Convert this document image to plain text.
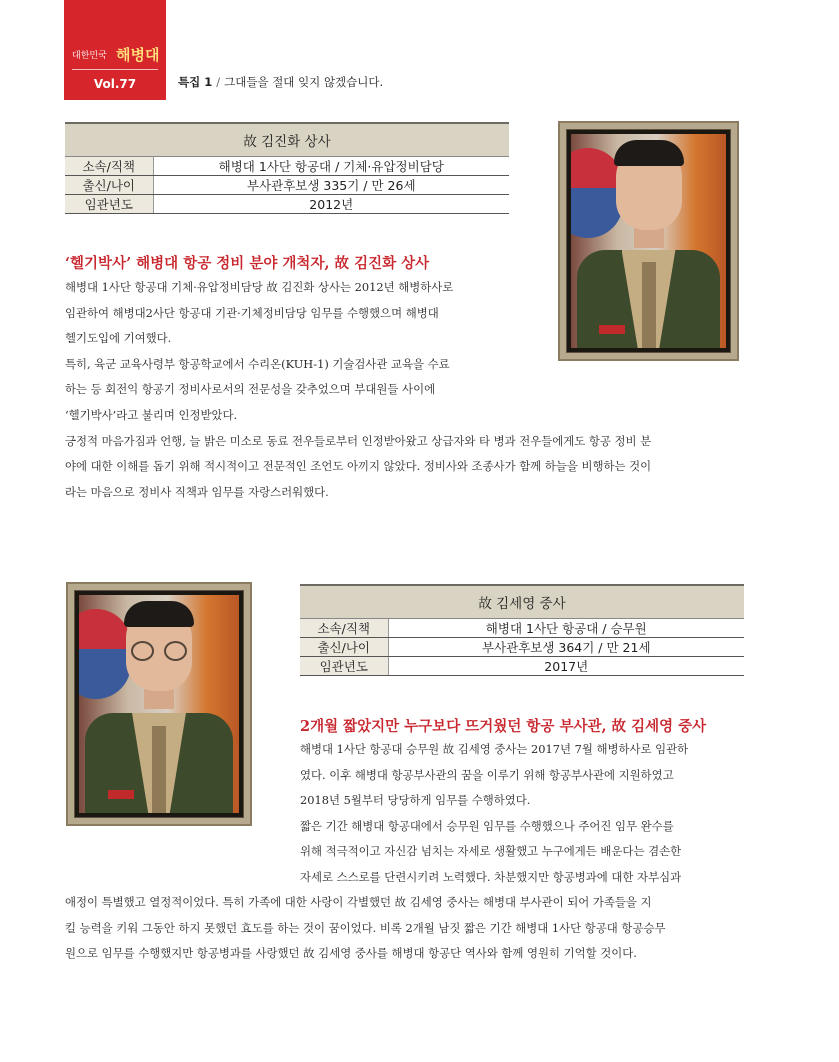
대한민국 해병대
Vol.77	특집 1 / 그대들을 절대 잊지 않겠습니다.
故 김진화 상사	
소속/직책	해병대 1사단 항공대 / 기체·유압정비담당
출신/나이	부사관후보생 335기 / 만 26세
임관년도	2012년
‘헬기박사’ 해병대 항공 정비 분야 개척자, 故 김진화 상사
해병대 1사단 항공대 기체·유압정비담당 故 김진화 상사는 2012년 해병하사로
임관하여 해병대2사단 항공대 기관·기체정비담당 임무를 수행했으며 해병대
헬기도입에 기여했다.
특히, 육군 교육사령부 항공학교에서 수리온(KUH-1) 기술검사관 교육을 수료
하는 등 회전익 항공기 정비사로서의 전문성을 갖추었으며 부대원들 사이에
‘헬기박사’라고 불리며 인정받았다.
긍정적 마음가짐과 언행, 늘 밝은 미소로 동료 전우들로부터 인정받아왔고 상급자와 타 병과 전우들에게도 항공 정비 분
야에 대한 이해를 돕기 위해 적시적이고 전문적인 조언도 아끼지 않았다. 정비사와 조종사가 함께 하늘을 비행하는 것이
라는 마음으로 정비사 직책과 임무를 자랑스러워했다.
故 김세영 중사	
소속/직책	해병대 1사단 항공대 / 승무원
출신/나이	부사관후보생 364기 / 만 21세
임관년도	2017년
2개월 짧았지만 누구보다 뜨거웠던 항공 부사관, 故 김세영 중사
해병대 1사단 항공대 승무원 故 김세영 중사는 2017년 7월 해병하사로 임관하
였다. 이후 해병대 항공부사관의 꿈을 이루기 위해 항공부사관에 지원하였고
2018년 5월부터 당당하게 임무를 수행하였다.
짧은 기간 해병대 항공대에서 승무원 임무를 수행했으나 주어진 임무 완수를
위해 적극적이고 자신감 넘치는 자세로 생활했고 누구에게든 배운다는 겸손한
자세로 스스로를 단련시키려 노력했다. 차분했지만 항공병과에 대한 자부심과
애정이 특별했고 열정적이었다. 특히 가족에 대한 사랑이 각별했던 故 김세영 중사는 해병대 부사관이 되어 가족들을 지
킬 능력을 키워 그동안 하지 못했던 효도를 하는 것이 꿈이었다. 비록 2개월 남짓 짧은 기간 해병대 1사단 항공대 항공승무
원으로 임무를 수행했지만 항공병과를 사랑했던 故 김세영 중사를 해병대 항공단 역사와 함께 영원히 기억할 것이다.
